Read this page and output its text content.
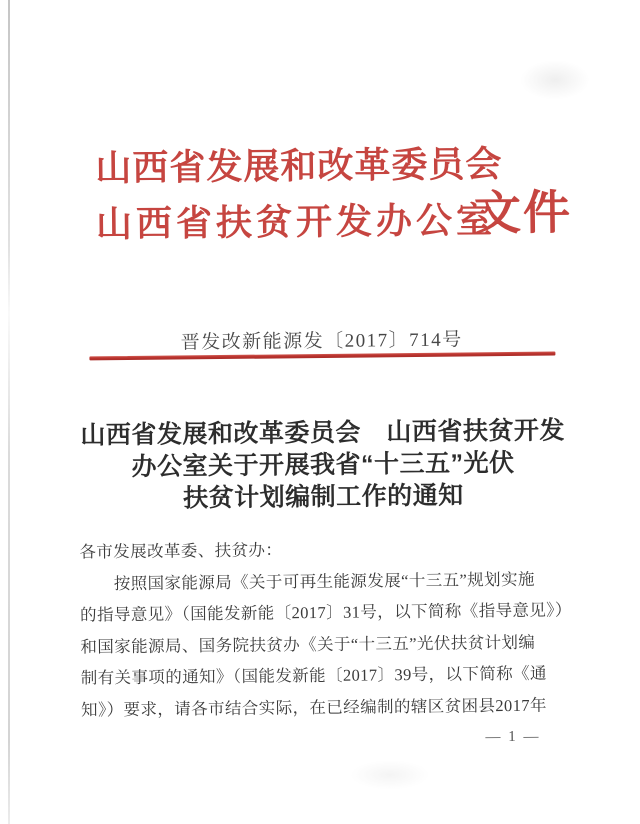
山西省发展和改革委员会
山西省扶贫开发办公室
文件
晋发改新能源发〔2017〕714号
山西省发展和改革委员会　山西省扶贫开发
办公室关于开展我省“十三五”光伏
扶贫计划编制工作的通知
各市发展改革委、扶贫办：
按照国家能源局《关于可再生能源发展“十三五”规划实施
的指导意见》（国能发新能〔2017〕31号，以下简称《指导意见》）
和国家能源局、国务院扶贫办《关于“十三五”光伏扶贫计划编
制有关事项的通知》（国能发新能〔2017〕39号，以下简称《通
知》）要求，请各市结合实际，在已经编制的辖区贫困县2017年
— 1 —
